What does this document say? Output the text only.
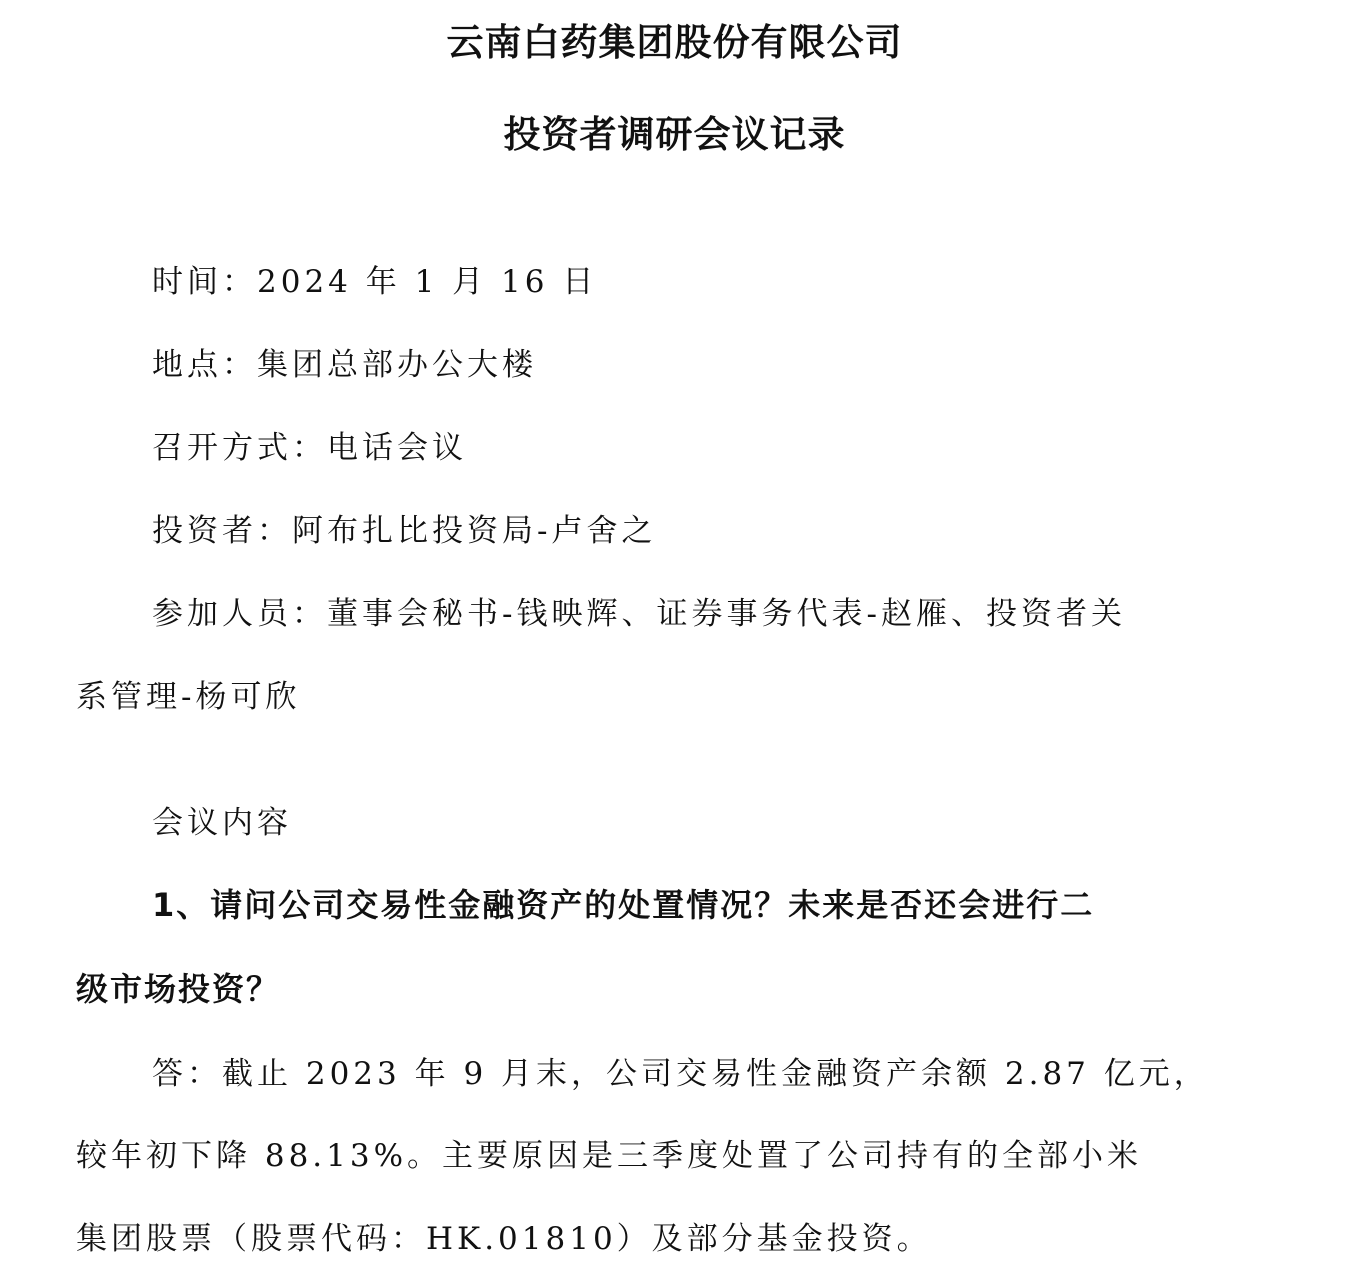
云南白药集团股份有限公司
投资者调研会议记录
时间：2024 年 1 月 16 日
地点：集团总部办公大楼
召开方式：电话会议
投资者：阿布扎比投资局-卢舍之
参加人员：董事会秘书-钱映辉、证券事务代表-赵雁、投资者关
系管理-杨可欣
会议内容
1、请问公司交易性金融资产的处置情况？未来是否还会进行二
级市场投资？
答：截止 2023 年 9 月末，公司交易性金融资产余额 2.87 亿元，
较年初下降 88.13%。主要原因是三季度处置了公司持有的全部小米
集团股票（股票代码：HK.01810）及部分基金投资。
